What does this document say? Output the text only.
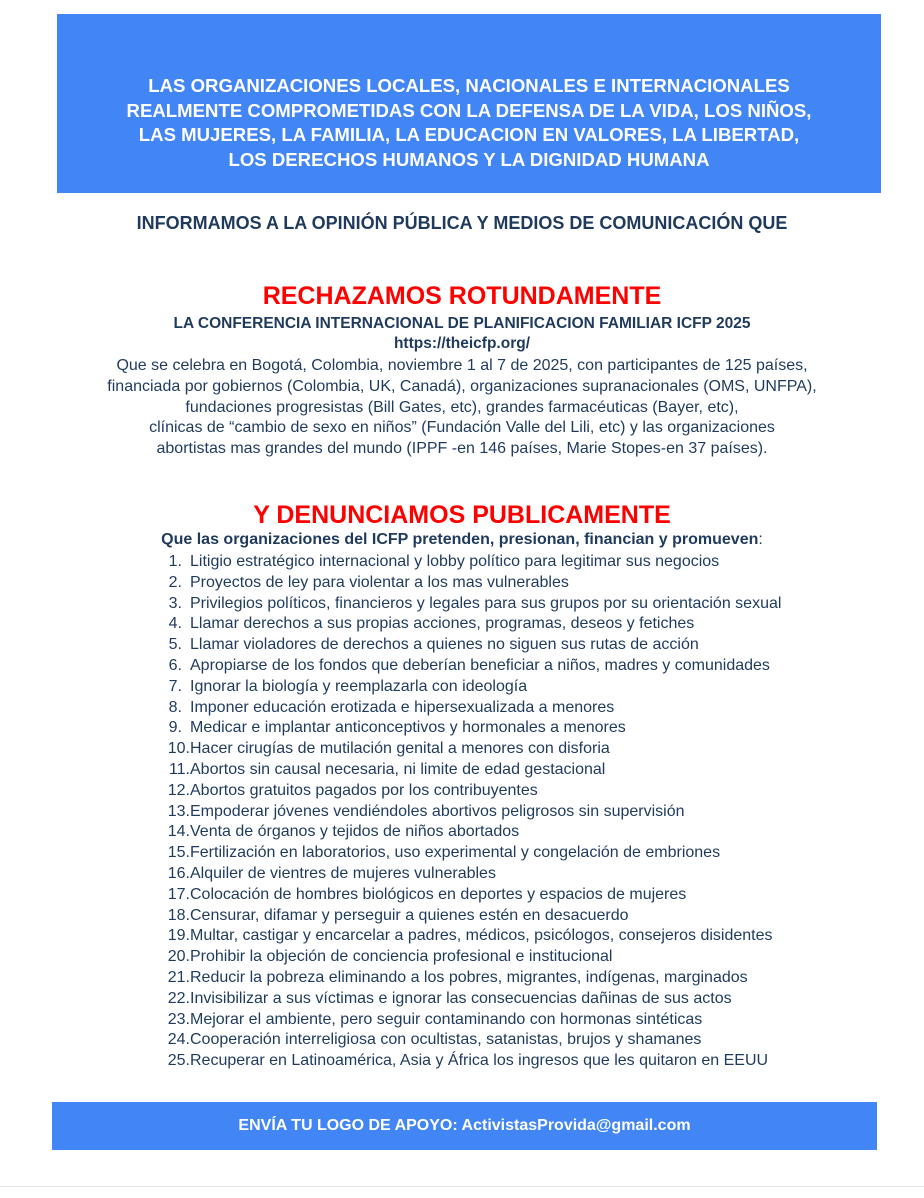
LAS ORGANIZACIONES LOCALES, NACIONALES E INTERNACIONALES
REALMENTE COMPROMETIDAS CON LA DEFENSA DE LA VIDA, LOS NIÑOS,
LAS MUJERES, LA FAMILIA, LA EDUCACION EN VALORES, LA LIBERTAD,
LOS DERECHOS HUMANOS Y LA DIGNIDAD HUMANA
INFORMAMOS A LA OPINIÓN PÚBLICA Y MEDIOS DE COMUNICACIÓN QUE
RECHAZAMOS ROTUNDAMENTE
LA CONFERENCIA INTERNACIONAL DE PLANIFICACION FAMILIAR ICFP 2025
https://theicfp.org/
Que se celebra en Bogotá, Colombia, noviembre 1 al 7 de 2025, con participantes de 125 países,
financiada por gobiernos (Colombia, UK, Canadá), organizaciones supranacionales (OMS, UNFPA),
fundaciones progresistas (Bill Gates, etc), grandes farmacéuticas (Bayer, etc),
clínicas de “cambio de sexo en niños” (Fundación Valle del Lili, etc) y las organizaciones
abortistas mas grandes del mundo (IPPF -en 146 países, Marie Stopes-en 37 países).
Y DENUNCIAMOS PUBLICAMENTE
Que las organizaciones del ICFP pretenden, presionan, financian y promueven:
1. Litigio estratégico internacional y lobby político para legitimar sus negocios
2. Proyectos de ley para violentar a los mas vulnerables
3. Privilegios políticos, financieros y legales para sus grupos por su orientación sexual
4. Llamar derechos a sus propias acciones, programas, deseos y fetiches
5. Llamar violadores de derechos a quienes no siguen sus rutas de acción
6. Apropiarse de los fondos que deberían beneficiar a niños, madres y comunidades
7. Ignorar la biología y reemplazarla con ideología
8. Imponer educación erotizada e hipersexualizada a menores
9. Medicar e implantar anticonceptivos y hormonales a menores
10. Hacer cirugías de mutilación genital a menores con disforia
11. Abortos sin causal necesaria, ni limite de edad gestacional
12. Abortos gratuitos pagados por los contribuyentes
13. Empoderar jóvenes vendiéndoles abortivos peligrosos sin supervisión
14. Venta de órganos y tejidos de niños abortados
15. Fertilización en laboratorios, uso experimental y congelación de embriones
16. Alquiler de vientres de mujeres vulnerables
17. Colocación de hombres biológicos en deportes y espacios de mujeres
18. Censurar, difamar y perseguir a quienes estén en desacuerdo
19. Multar, castigar y encarcelar a padres, médicos, psicólogos, consejeros disidentes
20. Prohibir la objeción de conciencia profesional e institucional
21. Reducir la pobreza eliminando a los pobres, migrantes, indígenas, marginados
22. Invisibilizar a sus víctimas e ignorar las consecuencias dañinas de sus actos
23. Mejorar el ambiente, pero seguir contaminando con hormonas sintéticas
24. Cooperación interreligiosa con ocultistas, satanistas, brujos y shamanes
25. Recuperar en Latinoamérica, Asia y África los ingresos que les quitaron en EEUU
ENVÍA TU LOGO DE APOYO: ActivistasProvida@gmail.com
